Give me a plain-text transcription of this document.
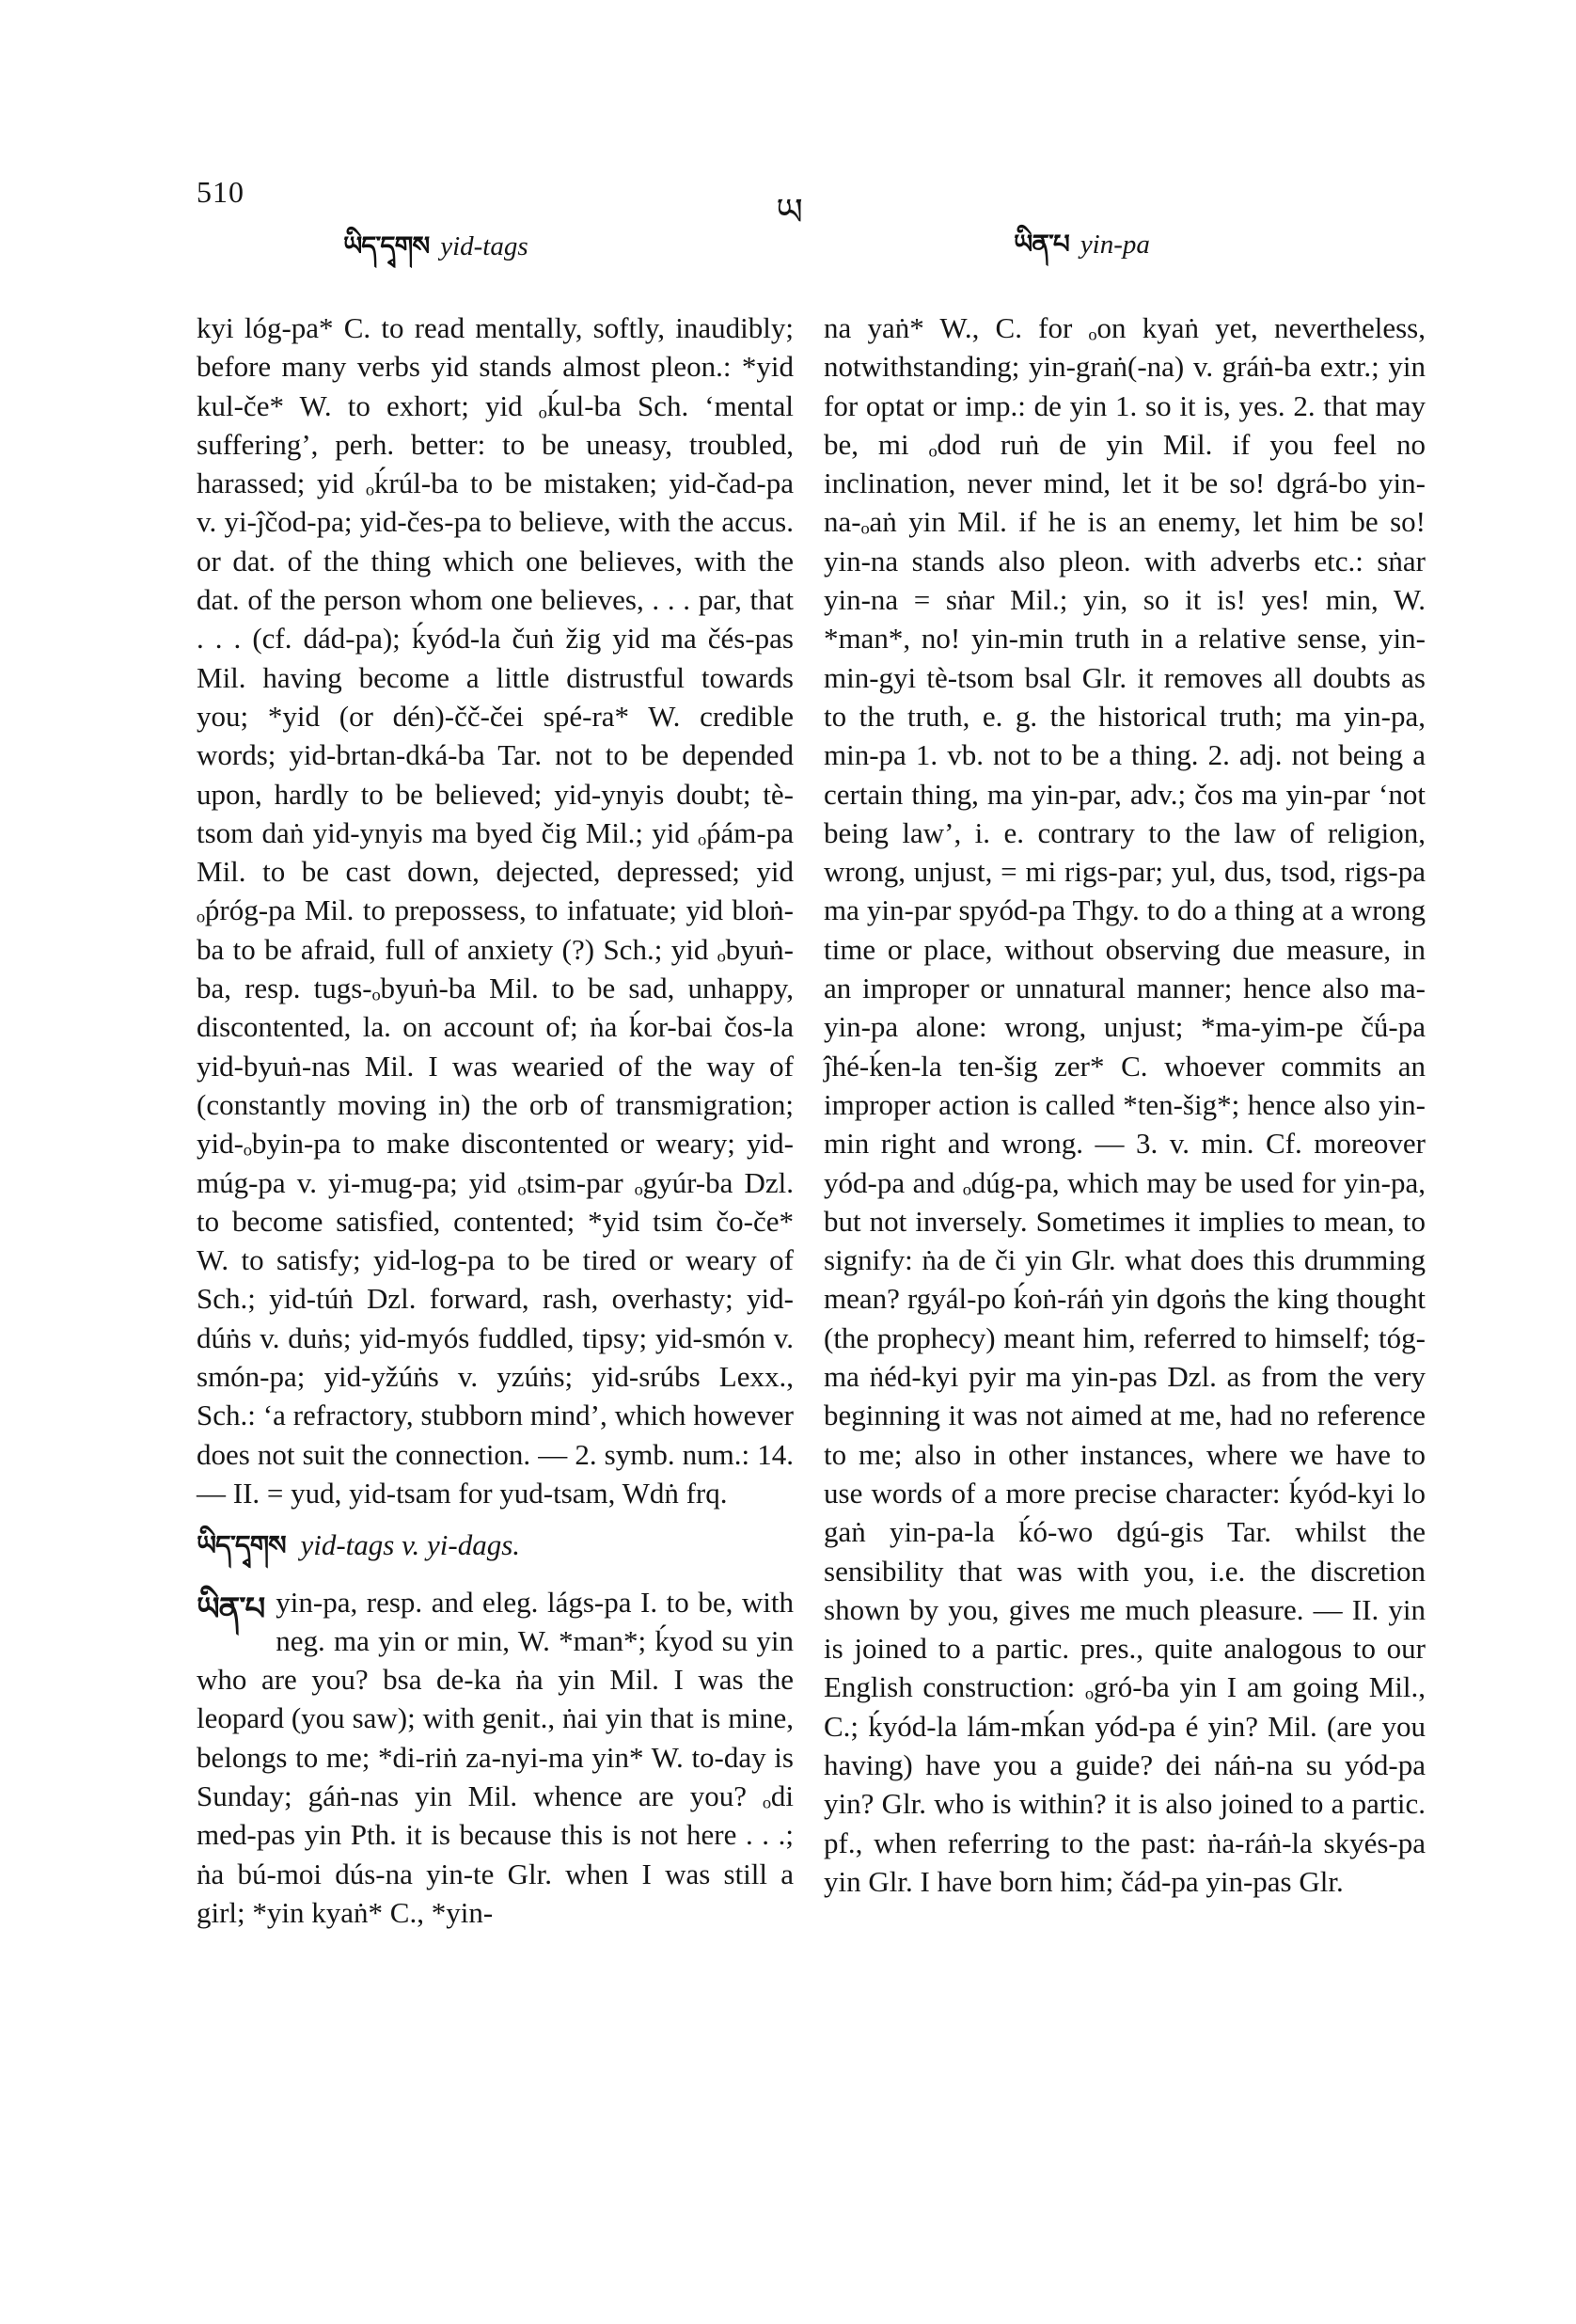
510	ཡ
ཡིད་དྭགས yid-tags	ཡིན་པ yin-pa

kyi lóg-pa* C. to read mentally, softly, inaudibly; before many verbs yid stands almost pleon.: *yid kul-če* W. to exhort; yid ₒḱul-ba Sch. ‘mental suffering’, perh. better: to be uneasy, troubled, harassed; yid ₒḱrúl-ba to be mistaken; yid-čad-pa v. yi-ĵčod-pa; yid-čes-pa to believe, with the accus. or dat. of the thing which one believes, with the dat. of the person whom one believes, . . . par, that . . . (cf. dád-pa); ḱyód-la čuṅ žig yid ma čés-pas Mil. having become a little distrustful towards you; *yid (or dén)-čč-čei spé-ra* W. credible words; yid-brtan-dká-ba Tar. not to be depended upon, hardly to be believed; yid-ynyis doubt; tè-tsom daṅ yid-ynyis ma byed čig Mil.; yid ₒṕám-pa Mil. to be cast down, dejected, depressed; yid ₒṕróg-pa Mil. to prepossess, to infatuate; yid bloṅ-ba to be afraid, full of anxiety (?) Sch.; yid ₒbyuṅ-ba, resp. tugs-ₒbyuṅ-ba Mil. to be sad, unhappy, discontented, la. on account of; ṅa ḱor-bai čos-la yid-byuṅ-nas Mil. I was wearied of the way of (constantly moving in) the orb of transmigration; yid-ₒbyin-pa to make discontented or weary; yid-múg-pa v. yi-mug-pa; yid ₒtsim-par ₒgyúr-ba Dzl. to become satisfied, contented; *yid tsim čo-če* W. to satisfy; yid-log-pa to be tired or weary of Sch.; yid-túṅ Dzl. forward, rash, overhasty; yid-dúṅs v. duṅs; yid-myós fuddled, tipsy; yid-smón v. smón-pa; yid-yžúṅs v. yzúṅs; yid-srúbs Lexx., Sch.: ‘a refractory, stubborn mind’, which however does not suit the connection. — 2. symb. num.: 14. — II. = yud, yid-tsam for yud-tsam, Wdṅ frq.

ཡིད་དྭགས yid-tags v. yi-dags.

ཡིན་པ yin-pa, resp. and eleg. lágs-pa I. to be, with neg. ma yin or min, W. *man*; ḱyod su yin who are you? bsa de-ka ṅa yin Mil. I was the leopard (you saw); with genit., ṅai yin that is mine, belongs to me; *di-riṅ za-nyi-ma yin* W. to-day is Sunday; gáṅ-nas yin Mil. whence are you? ₒdi med-pas yin Pth. it is because this is not here . . .; ṅa bú-moi dús-na yin-te Glr. when I was still a girl; *yin kyaṅ* C., *yin-

na yaṅ* W., C. for ₒon kyaṅ yet, nevertheless, notwithstanding; yin-graṅ(-na) v. gráṅ-ba extr.; yin for optat or imp.: de yin 1. so it is, yes. 2. that may be, mi ₒdod ruṅ de yin Mil. if you feel no inclination, never mind, let it be so! dgrá-bo yin-na-ₒaṅ yin Mil. if he is an enemy, let him be so! yin-na stands also pleon. with adverbs etc.: sṅar yin-na = sṅar Mil.; yin, so it is! yes! min, W. *man*, no! yin-min truth in a relative sense, yin-min-gyi tè-tsom bsal Glr. it removes all doubts as to the truth, e. g. the historical truth; ma yin-pa, min-pa 1. vb. not to be a thing. 2. adj. not being a certain thing, ma yin-par, adv.; čos ma yin-par ‘not being law’, i. e. contrary to the law of religion, wrong, unjust, = mi rigs-par; yul, dus, tsod, rigs-pa ma yin-par spyód-pa Thgy. to do a thing at a wrong time or place, without observing due measure, in an improper or unnatural manner; hence also ma-yin-pa alone: wrong, unjust; *ma-yim-pe čǘ-pa ĵhé-ḱen-la ten-šig zer* C. whoever commits an improper action is called *ten-šig*; hence also yin-min right and wrong. — 3. v. min. Cf. moreover yód-pa and ₒdúg-pa, which may be used for yin-pa, but not inversely. Sometimes it implies to mean, to signify: ṅa de či yin Glr. what does this drumming mean? rgyál-po ḱoṅ-ráṅ yin dgoṅs the king thought (the prophecy) meant him, referred to himself; tóg-ma ṅéd-kyi pyir ma yin-pas Dzl. as from the very beginning it was not aimed at me, had no reference to me; also in other instances, where we have to use words of a more precise character: ḱyód-kyi lo gaṅ yin-pa-la ḱó-wo dgú-gis Tar. whilst the sensibility that was with you, i.e. the discretion shown by you, gives me much pleasure. — II. yin is joined to a partic. pres., quite analogous to our English construction: ₒgró-ba yin I am going Mil., C.; ḱyód-la lám-mḱan yód-pa é yin? Mil. (are you having) have you a guide? dei náṅ-na su yód-pa yin? Glr. who is within? it is also joined to a partic. pf., when referring to the past: ṅa-ráṅ-la skyés-pa yin Glr. I have born him; čád-pa yin-pas Glr.
